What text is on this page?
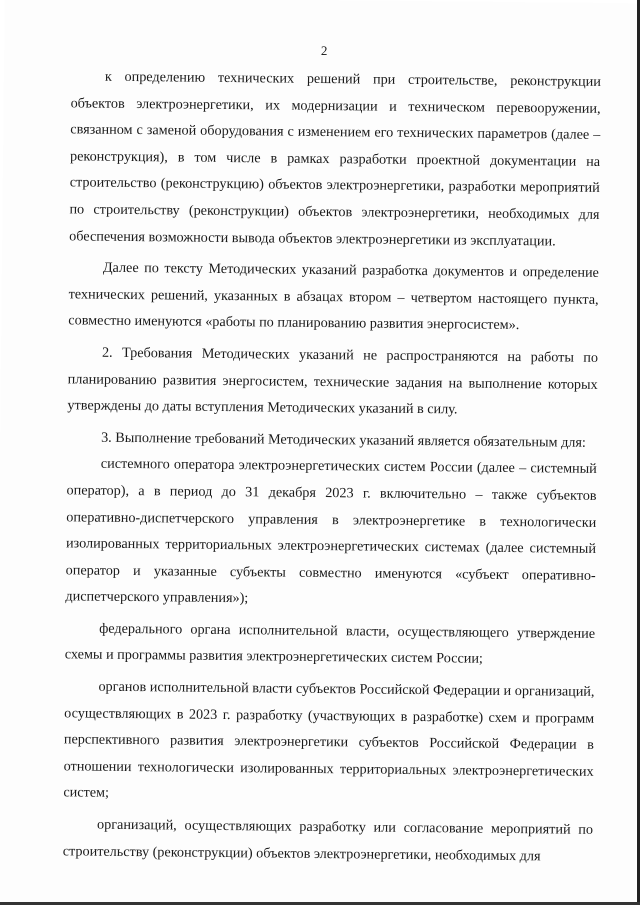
2

к определению технических решений при строительстве, реконструкции объектов электроэнергетики, их модернизации и техническом перевооружении, связанном с заменой оборудования с изменением его технических параметров (далее – реконструкция), в том числе в рамках разработки проектной документации на строительство (реконструкцию) объектов электроэнергетики, разработки мероприятий по строительству (реконструкции) объектов электроэнергетики, необходимых для обеспечения возможности вывода объектов электроэнергетики из эксплуатации.

Далее по тексту Методических указаний разработка документов и определение технических решений, указанных в абзацах втором – четвертом настоящего пункта, совместно именуются «работы по планированию развития энергосистем».

2. Требования Методических указаний не распространяются на работы по планированию развития энергосистем, технические задания на выполнение которых утверждены до даты вступления Методических указаний в силу.

3. Выполнение требований Методических указаний является обязательным для:

системного оператора электроэнергетических систем России (далее – системный оператор), а в период до 31 декабря 2023 г. включительно – также субъектов оперативно-диспетчерского управления в электроэнергетике в технологически изолированных территориальных электроэнергетических системах (далее системный оператор и указанные субъекты совместно именуются «субъект оперативно-диспетчерского управления»);

федерального органа исполнительной власти, осуществляющего утверждение схемы и программы развития электроэнергетических систем России;

органов исполнительной власти субъектов Российской Федерации и организаций, осуществляющих в 2023 г. разработку (участвующих в разработке) схем и программ перспективного развития электроэнергетики субъектов Российской Федерации в отношении технологически изолированных территориальных электроэнергетических систем;

организаций, осуществляющих разработку или согласование мероприятий по строительству (реконструкции) объектов электроэнергетики, необходимых для
